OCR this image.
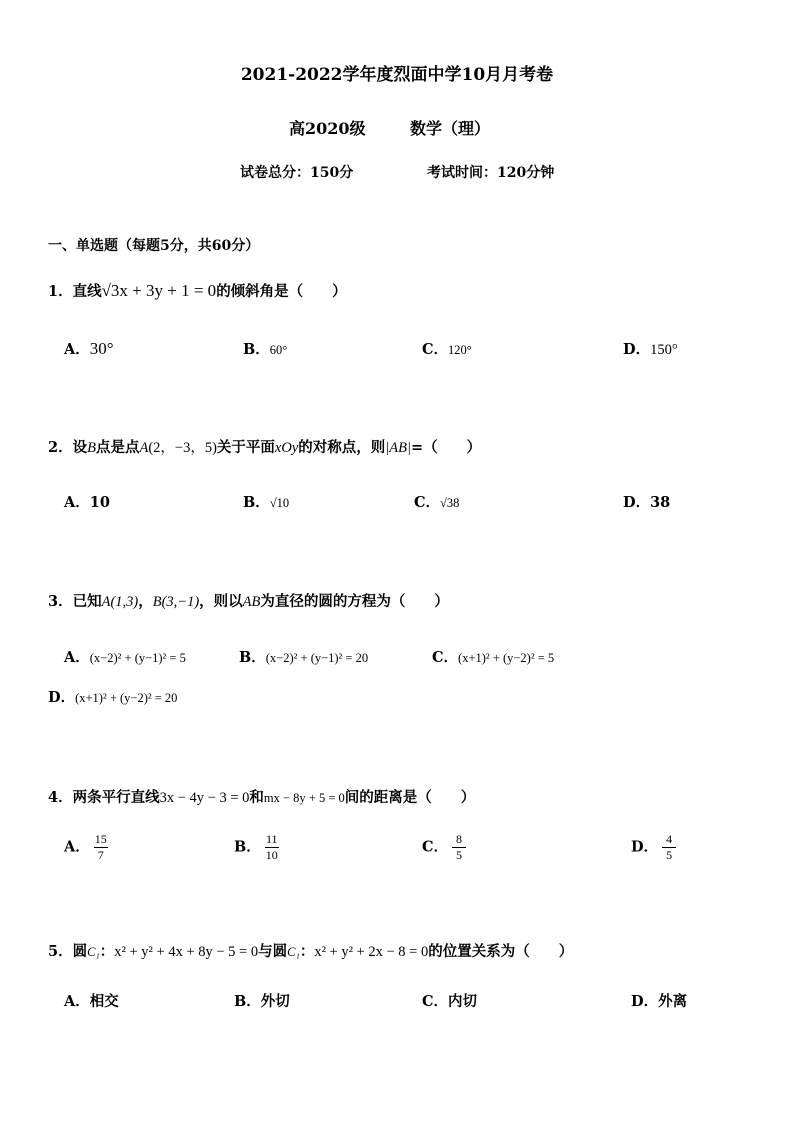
2021-2022学年度烈面中学10月月考卷
高2020级	数学（理）
试卷总分：150分	考试时间：120分钟
一、单选题（每题5分，共60分）
1．直线√3x + 3y + 1 = 0的倾斜角是（　　）
A．30°	B．60°	C．120°	D．150°
2．设B点是点A(2，−3，5)关于平面xOy的对称点，则|AB|=（　　）
A．10	B．√10	C．√38	D．38
3．已知A(1,3)，B(3,−1)，则以AB为直径的圆的方程为（　　）
A．(x−2)² + (y−1)² = 5	B．(x−2)² + (y−1)² = 20	C．(x+1)² + (y−2)² = 5
D．(x+1)² + (y−2)² = 20
4．两条平行直线3x − 4y − 3 = 0和mx − 8y + 5 = 0间的距离是（　　）
A． $\frac{15}{7}$	B． $\frac{11}{10}$	C． $\frac{8}{5}$	D． $\frac{4}{5}$
5．圆C₁：x² + y² + 4x + 8y − 5 = 0与圆C₁：x² + y² + 2x − 8 = 0的位置关系为（　　）
A．相交	B．外切	C．内切	D．外离
